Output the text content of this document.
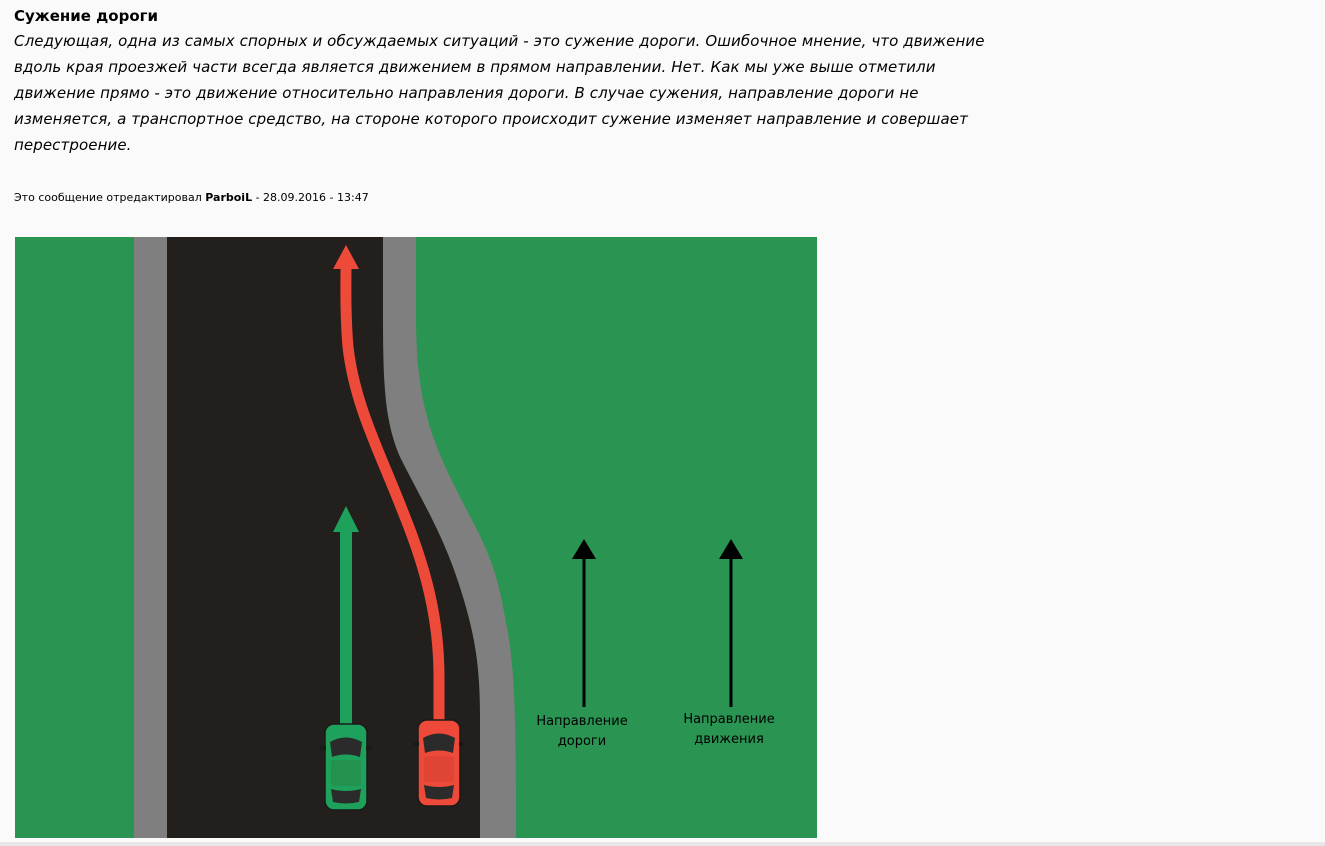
Сужение дороги
Следующая, одна из самых спорных и обсуждаемых ситуаций - это сужение дороги. Ошибочное мнение, что движение
вдоль края проезжей части всегда является движением в прямом направлении. Нет. Как мы уже выше отметили
движение прямо - это движение относительно направления дороги. В случае сужения, направление дороги не
изменяется, а транспортное средство, на стороне которого происходит сужение изменяет направление и совершает
перестроение.
Это сообщение отредактировал ParboiL - 28.09.2016 - 13:47
Направление
дороги
Направление
движения
